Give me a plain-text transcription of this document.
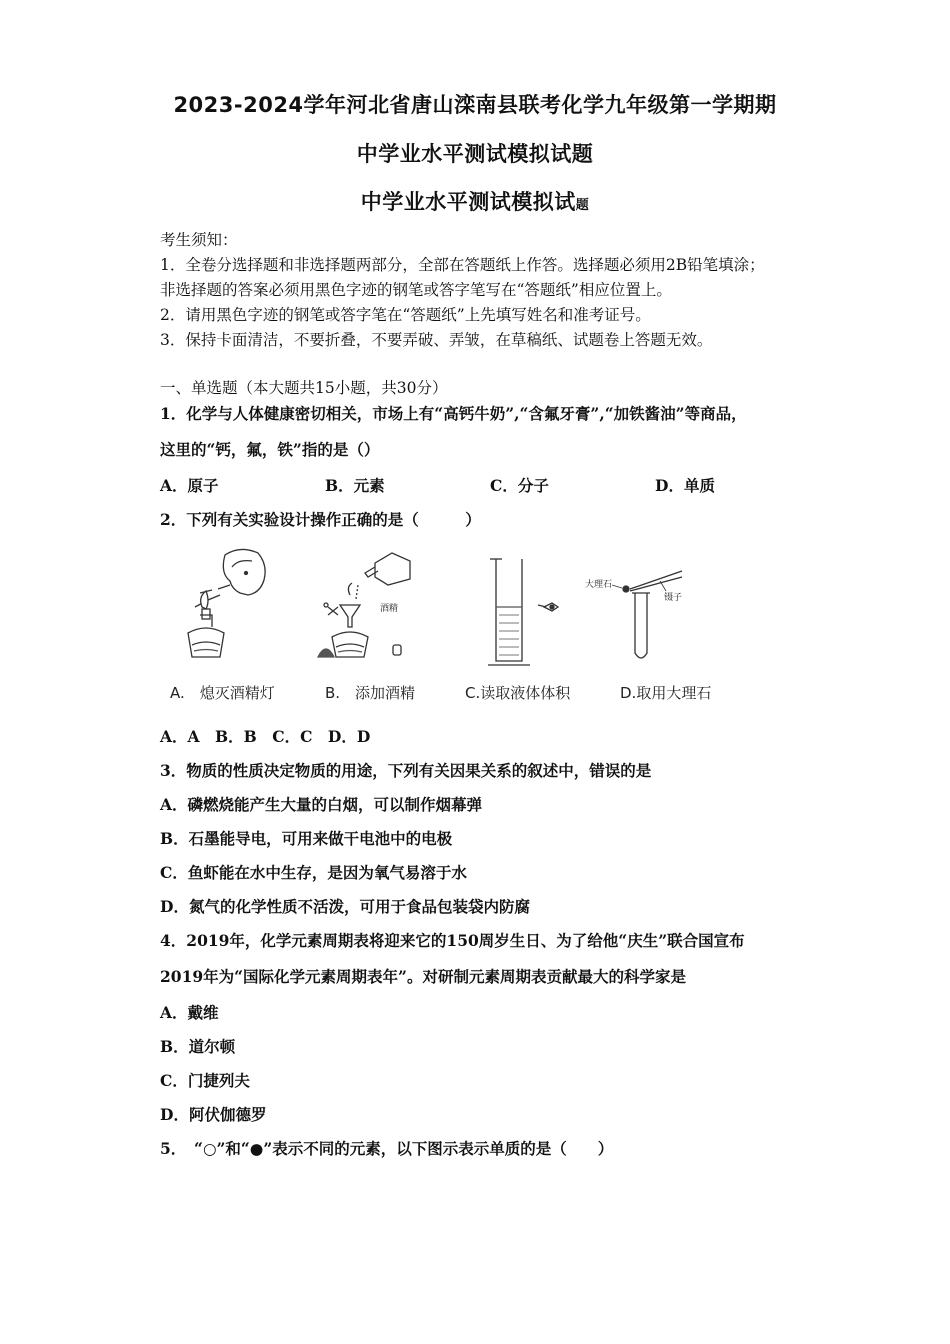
2023-2024学年河北省唐山滦南县联考化学九年级第一学期期
中学业水平测试模拟试题
中学业水平测试模拟试题
考生须知：
1．全卷分选择题和非选择题两部分，全部在答题纸上作答。选择题必须用2B铅笔填涂；
非选择题的答案必须用黑色字迹的钢笔或答字笔写在“答题纸”相应位置上。
2．请用黑色字迹的钢笔或答字笔在“答题纸”上先填写姓名和准考证号。
3．保持卡面清洁，不要折叠，不要弄破、弄皱，在草稿纸、试题卷上答题无效。
一、单选题（本大题共15小题，共30分）
1．化学与人体健康密切相关，市场上有“高钙牛奶”,“含氟牙膏”,“加铁酱油”等商品，
这里的“钙，氟，铁”指的是（）
A．原子	B．元素	C．分子	D．单质
2．下列有关实验设计操作正确的是（　　　）
酒精
大理石
镊子
A.　熄灭酒精灯	B.　添加酒精	C.读取液体体积	D.取用大理石
A．A　B．B　C．C　D．D
3．物质的性质决定物质的用途，下列有关因果关系的叙述中，错误的是
A．磷燃烧能产生大量的白烟，可以制作烟幕弹
B．石墨能导电，可用来做干电池中的电极
C．鱼虾能在水中生存，是因为氧气易溶于水
D．氮气的化学性质不活泼，可用于食品包装袋内防腐
4．2019年，化学元素周期表将迎来它的150周岁生日、为了给他“庆生”联合国宣布
2019年为“国际化学元素周期表年”。对研制元素周期表贡献最大的科学家是
A．戴维
B．道尔顿
C．门捷列夫
D．阿伏伽德罗
5．　“○”和“●”表示不同的元素，以下图示表示单质的是（　　）
